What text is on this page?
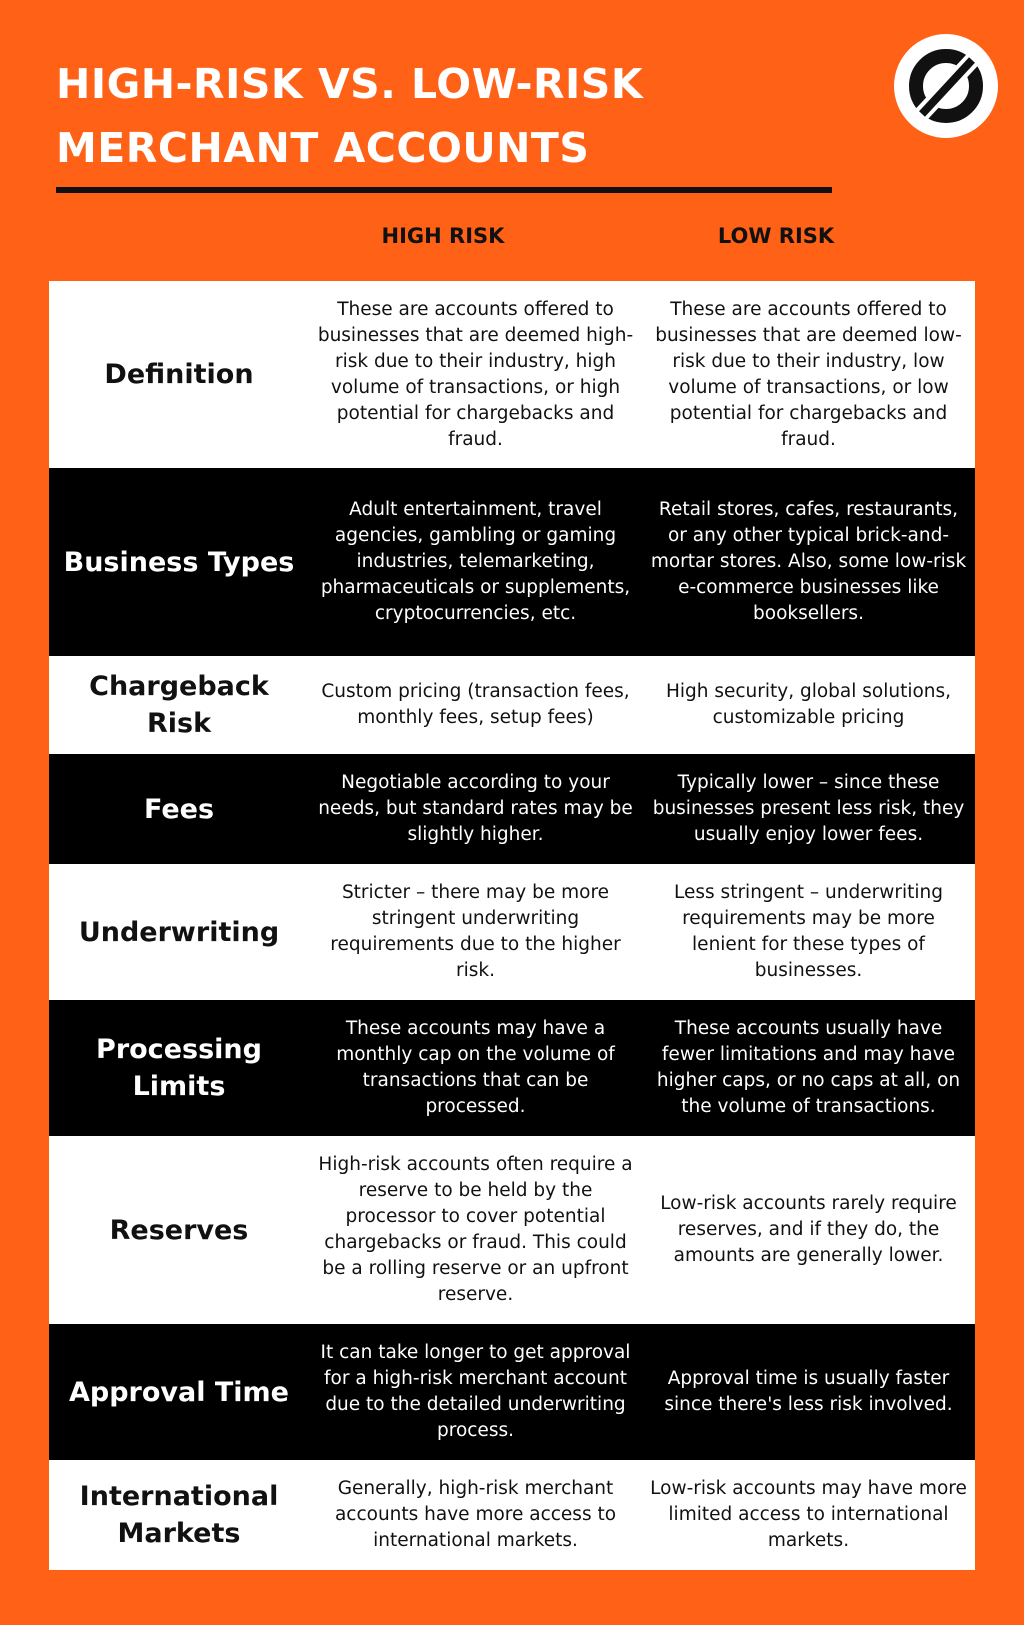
HIGH-RISK VS. LOW-RISK
MERCHANT ACCOUNTS
HIGH RISK	LOW RISK
Definition
These are accounts offered to businesses that are deemed high-risk due to their industry, high volume of transactions, or high potential for chargebacks and fraud.
These are accounts offered to businesses that are deemed low-risk due to their industry, low volume of transactions, or low potential for chargebacks and fraud.
Business Types
Adult entertainment, travel agencies, gambling or gaming industries, telemarketing, pharmaceuticals or supplements, cryptocurrencies, etc.
Retail stores, cafes, restaurants, or any other typical brick-and-mortar stores. Also, some low-risk e-commerce businesses like booksellers.
Chargeback Risk
Custom pricing (transaction fees, monthly fees, setup fees)
High security, global solutions, customizable pricing
Fees
Negotiable according to your needs, but standard rates may be slightly higher.
Typically lower – since these businesses present less risk, they usually enjoy lower fees.
Underwriting
Stricter – there may be more stringent underwriting requirements due to the higher risk.
Less stringent – underwriting requirements may be more lenient for these types of businesses.
Processing Limits
These accounts may have a monthly cap on the volume of transactions that can be processed.
These accounts usually have fewer limitations and may have higher caps, or no caps at all, on the volume of transactions.
Reserves
High-risk accounts often require a reserve to be held by the processor to cover potential chargebacks or fraud. This could be a rolling reserve or an upfront reserve.
Low-risk accounts rarely require reserves, and if they do, the amounts are generally lower.
Approval Time
It can take longer to get approval for a high-risk merchant account due to the detailed underwriting process.
Approval time is usually faster since there's less risk involved.
International Markets
Generally, high-risk merchant accounts have more access to international markets.
Low-risk accounts may have more limited access to international markets.
